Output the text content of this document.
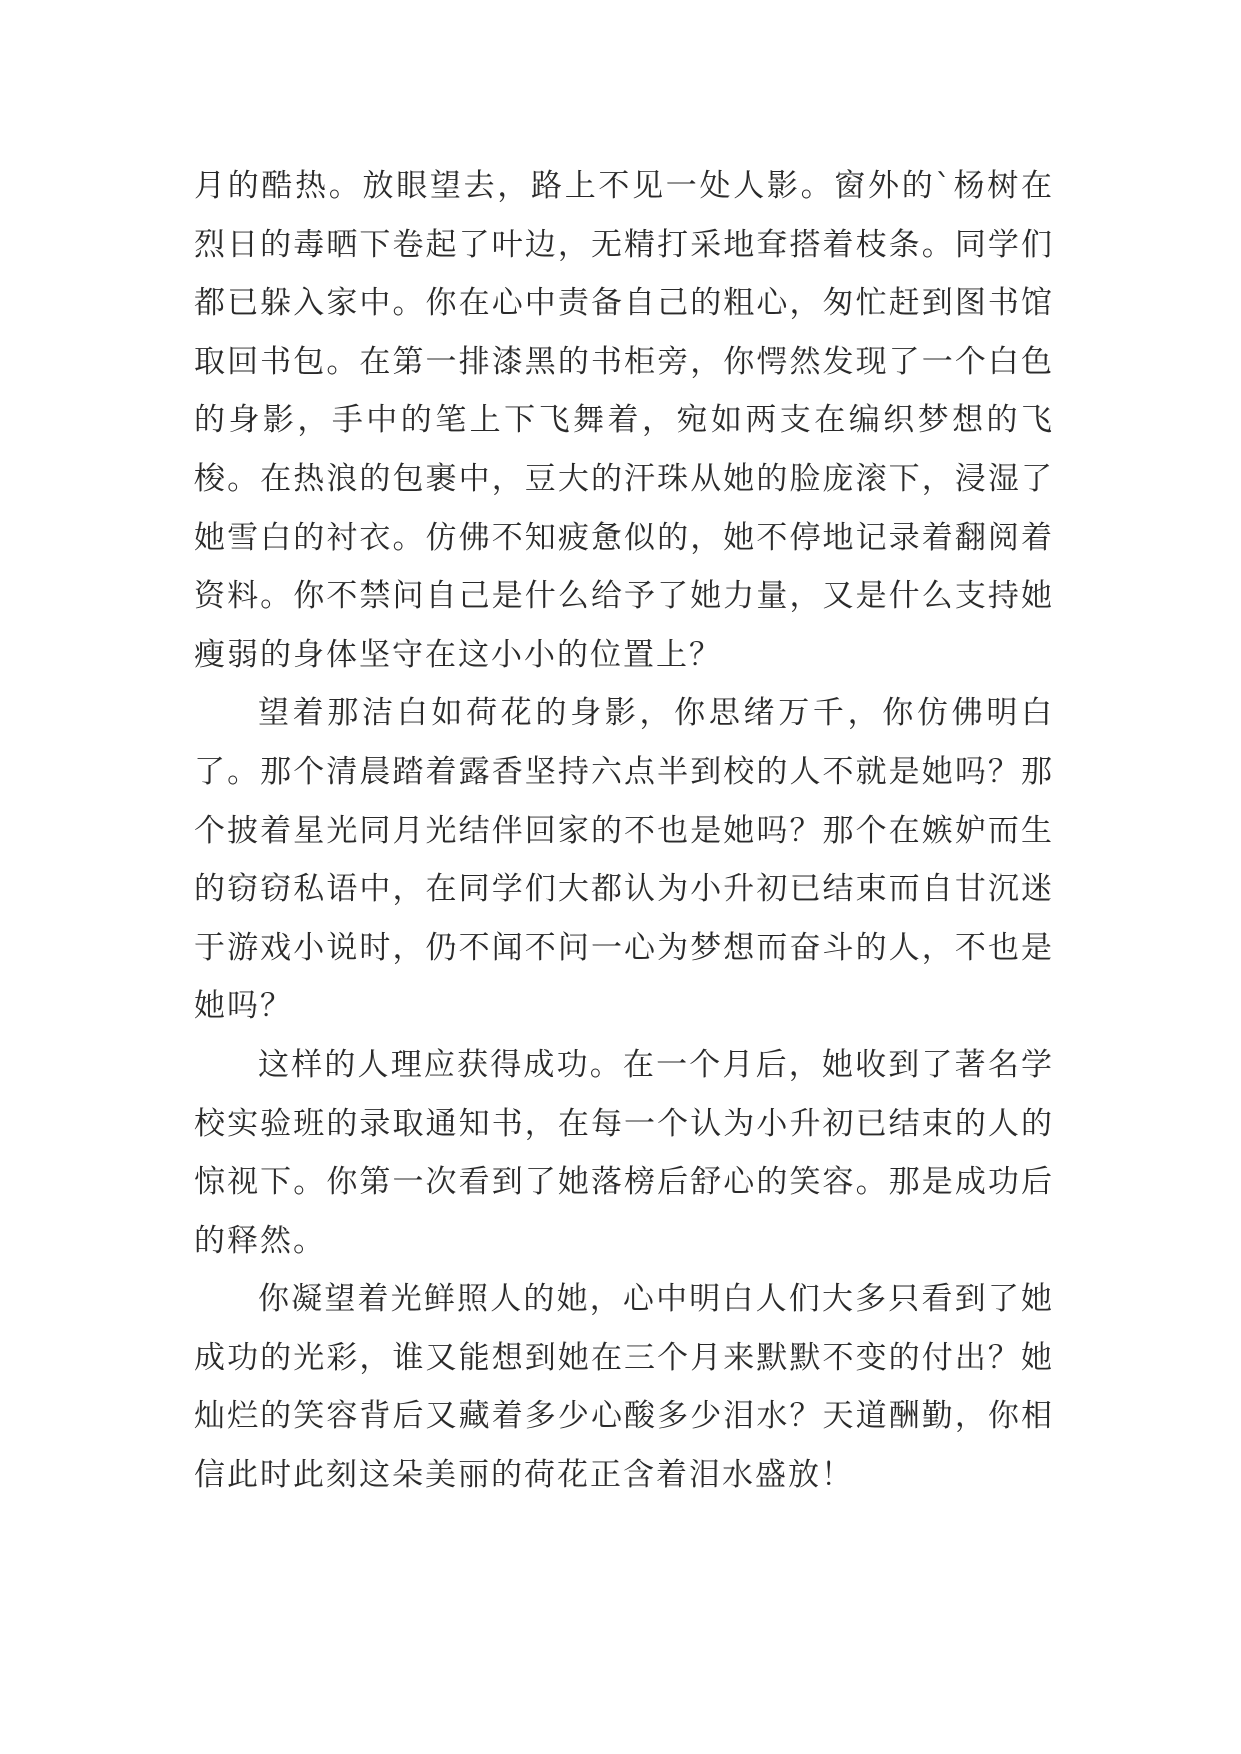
月的酷热。放眼望去，路上不见一处人影。窗外的`杨树在烈日的毒晒下卷起了叶边，无精打采地耷搭着枝条。同学们都已躲入家中。你在心中责备自己的粗心，匆忙赶到图书馆取回书包。在第一排漆黑的书柜旁，你愕然发现了一个白色的身影，手中的笔上下飞舞着，宛如两支在编织梦想的飞梭。在热浪的包裹中，豆大的汗珠从她的脸庞滚下，浸湿了她雪白的衬衣。仿佛不知疲惫似的，她不停地记录着翻阅着资料。你不禁问自己是什么给予了她力量，又是什么支持她瘦弱的身体坚守在这小小的位置上？

望着那洁白如荷花的身影，你思绪万千，你仿佛明白了。那个清晨踏着露香坚持六点半到校的人不就是她吗？那个披着星光同月光结伴回家的不也是她吗？那个在嫉妒而生的窃窃私语中，在同学们大都认为小升初已结束而自甘沉迷于游戏小说时，仍不闻不问一心为梦想而奋斗的人，不也是她吗？

这样的人理应获得成功。在一个月后，她收到了著名学校实验班的录取通知书，在每一个认为小升初已结束的人的惊视下。你第一次看到了她落榜后舒心的笑容。那是成功后的释然。

你凝望着光鲜照人的她，心中明白人们大多只看到了她成功的光彩，谁又能想到她在三个月来默默不变的付出？她灿烂的笑容背后又藏着多少心酸多少泪水？天道酬勤，你相信此时此刻这朵美丽的荷花正含着泪水盛放！
